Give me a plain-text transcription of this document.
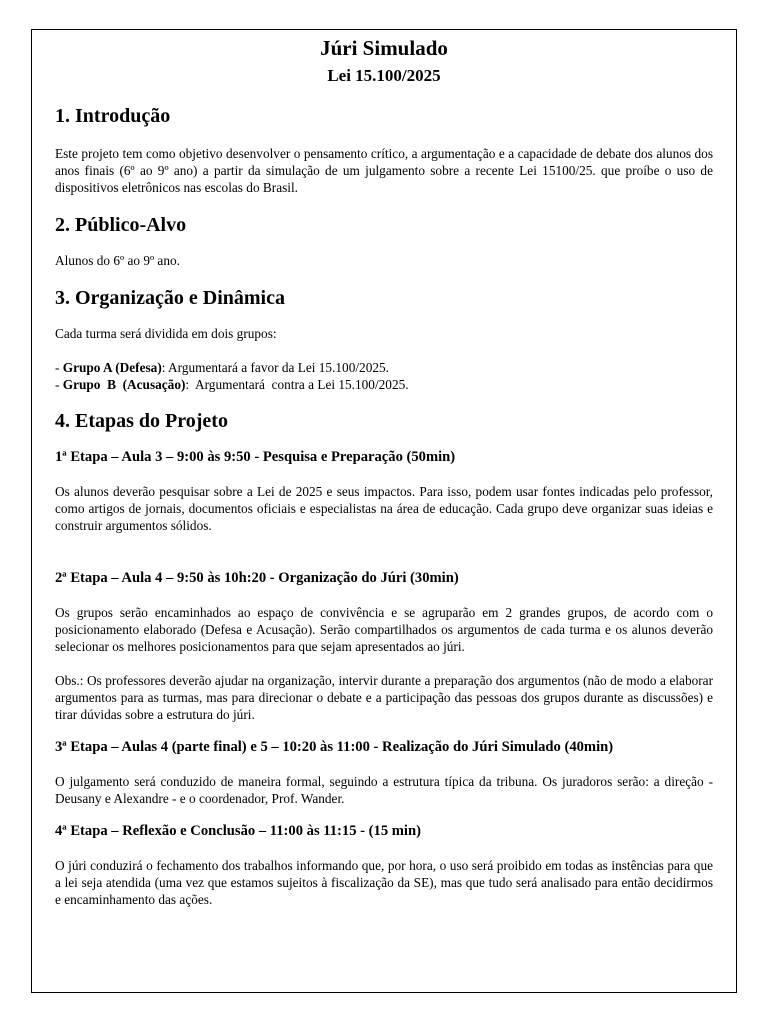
Júri Simulado

Lei 15.100/2025

1. Introdução

Este projeto tem como objetivo desenvolver o pensamento crítico, a argumentação e a capacidade de debate dos alunos dos anos finais (6º ao 9º ano) a partir da simulação de um julgamento sobre a recente Lei 15100/25. que proíbe o uso de dispositivos eletrônicos nas escolas do Brasil.

2. Público-Alvo

Alunos do 6º ao 9º ano.

3. Organização e Dinâmica

Cada turma será dividida em dois grupos:

- Grupo A (Defesa): Argumentará a favor da Lei 15.100/2025.

- Grupo  B  (Acusação):  Argumentará  contra a Lei 15.100/2025.

4. Etapas do Projeto
1ª Etapa – Aula 3 – 9:00 às 9:50 - Pesquisa e Preparação (50min)

Os alunos deverão pesquisar sobre a Lei de 2025 e seus impactos. Para isso, podem usar fontes indicadas pelo professor, como artigos de jornais, documentos oficiais e especialistas na área de educação. Cada grupo deve organizar suas ideias e construir argumentos sólidos.

2ª Etapa – Aula 4 – 9:50 às 10h:20 - Organização do Júri (30min)

Os grupos serão encaminhados ao espaço de convivência e se agruparão em 2 grandes grupos, de acordo com o posicionamento elaborado (Defesa e Acusação). Serão compartilhados os argumentos de cada turma e os alunos deverão selecionar os melhores posicionamentos para que sejam apresentados ao júri.

Obs.: Os professores deverão ajudar na organização, intervir durante a preparação dos argumentos (não de modo a elaborar argumentos para as turmas, mas para direcionar o debate e a participação das pessoas dos grupos durante as discussões) e tirar dúvidas sobre a estrutura do júri.

3ª Etapa – Aulas 4 (parte final) e 5 – 10:20 às 11:00 - Realização do Júri Simulado (40min)

O julgamento será conduzido de maneira formal, seguindo a estrutura típica da tribuna. Os juradoros serão: a direção - Deusany e Alexandre - e o coordenador, Prof. Wander.

4ª Etapa – Reflexão e Conclusão – 11:00 às 11:15 - (15 min)

O júri conduzirá o fechamento dos trabalhos informando que, por hora, o uso será proibido em todas as instências para que a lei seja atendida (uma vez que estamos sujeitos à fiscalização da SE), mas que tudo será analisado para então decidirmos e encaminhamento das ações.
